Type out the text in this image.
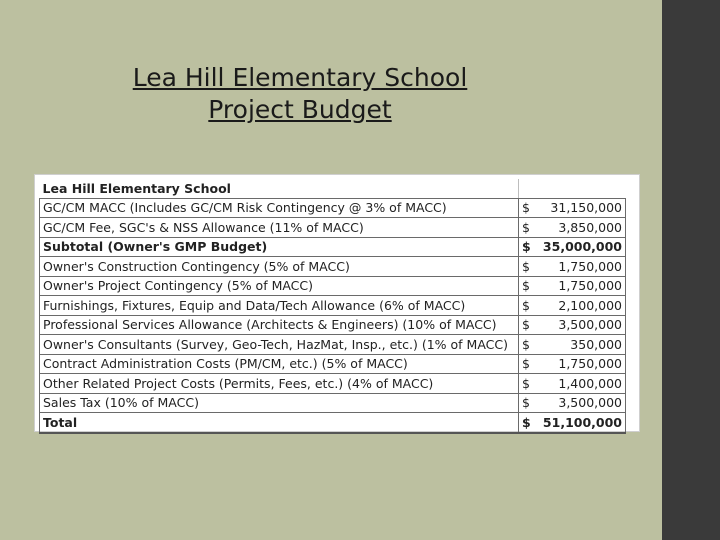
Lea Hill Elementary School
Project Budget
Lea Hill Elementary School		
GC/CM MACC (Includes GC/CM Risk Contingency @ 3% of MACC)	$	31,150,000
GC/CM Fee, SGC's & NSS Allowance (11% of MACC)	$	3,850,000
Subtotal (Owner's GMP Budget)	$	35,000,000
Owner's Construction Contingency (5% of MACC)	$	1,750,000
Owner's Project Contingency (5% of MACC)	$	1,750,000
Furnishings, Fixtures, Equip and Data/Tech Allowance (6% of MACC)	$	2,100,000
Professional Services Allowance (Architects & Engineers) (10% of MACC)	$	3,500,000
Owner's Consultants (Survey, Geo-Tech, HazMat, Insp., etc.) (1% of MACC)	$	350,000
Contract Administration Costs (PM/CM, etc.) (5% of MACC)	$	1,750,000
Other Related Project Costs (Permits, Fees, etc.) (4% of MACC)	$	1,400,000
Sales Tax (10% of MACC)	$	3,500,000
Total	$	51,100,000
